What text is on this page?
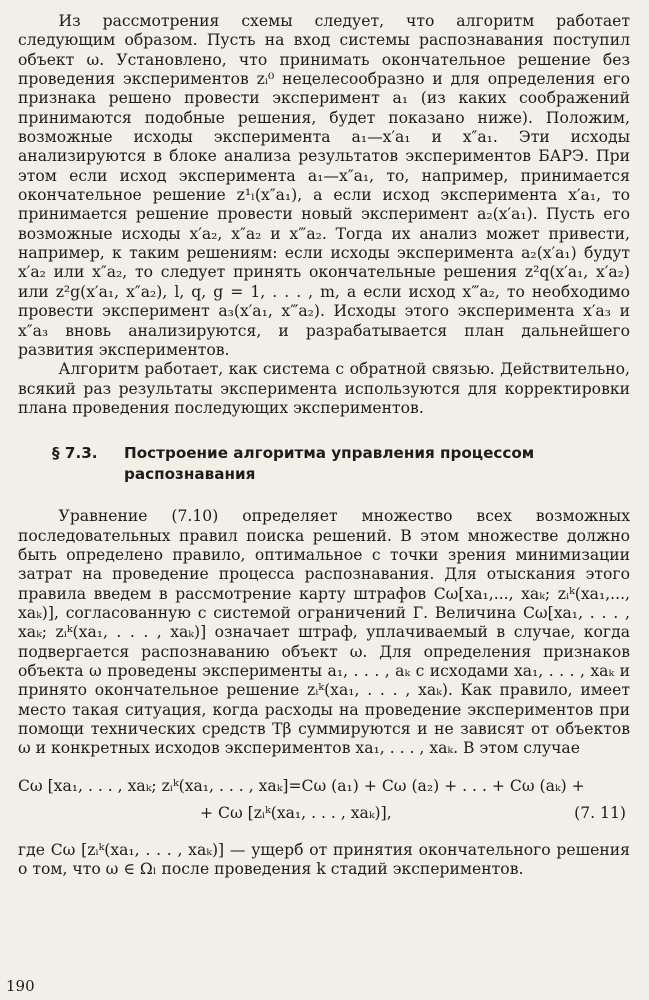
Из рассмотрения схемы следует, что алгоритм работает следующим образом. Пусть на вход системы распознавания поступил объект ω. Установлено, что принимать окончательное решение без проведения экспериментов zᵢ⁰ нецелесообразно и для определения его признака решено провести эксперимент a₁ (из каких соображений принимаются подобные решения, будет показано ниже). Положим, возможные исходы эксперимента a₁—x′a₁ и x″a₁. Эти исходы анализируются в блоке анализа результатов экспериментов БАРЭ. При этом если исход эксперимента a₁—x″a₁, то, например, принимается окончательное решение z¹ₗ(x″a₁), а если исход эксперимента x′a₁, то принимается решение провести новый эксперимент a₂(x′a₁). Пусть его возможные исходы x′a₂, x″a₂ и x‴a₂. Тогда их анализ может привести, например, к таким решениям: если исходы эксперимента a₂(x′a₁) будут x′a₂ или x″a₂, то следует принять окончательные решения z²q(x′a₁, x′a₂) или z²g(x′a₁, x″a₂), l, q, g = 1, . . . , m, а если исход x‴a₂, то необходимо провести эксперимент a₃(x′a₁, x‴a₂). Исходы этого эксперимента x′a₃ и x″a₃ вновь анализируются, и разрабатывается план дальнейшего развития экспериментов.

Алгоритм работает, как система с обратной связью. Действительно, всякий раз результаты эксперимента используются для корректировки плана проведения последующих экспериментов.

§ 7.3. Построение алгоритма управления процессом
распознавания

Уравнение (7.10) определяет множество всех возможных последовательных правил поиска решений. В этом множестве должно быть определено правило, оптимальное с точки зрения минимизации затрат на проведение процесса распознавания. Для отыскания этого правила введем в рассмотрение карту штрафов Cω[xa₁,..., xaₖ; zᵢᵏ(xa₁,..., xaₖ)], согласованную с системой ограничений Г. Величина Cω[xa₁, . . . , xaₖ; zᵢᵏ(xa₁, . . . , xaₖ)] означает штраф, уплачиваемый в случае, когда подвергается распознаванию объект ω. Для определения признаков объекта ω проведены эксперименты a₁, . . . , aₖ с исходами xa₁, . . . , xaₖ и принято окончательное решение zᵢᵏ(xa₁, . . . , xaₖ). Как правило, имеет место такая ситуация, когда расходы на проведение экспериментов при помощи технических средств Tβ суммируются и не зависят от объектов ω и конкретных исходов экспериментов xa₁, . . . , xaₖ. В этом случае

Cω [xa₁, . . . , xaₖ; zᵢᵏ(xa₁, . . . , xaₖ]=Cω (a₁) + Cω (a₂) + . . . + Cω (aₖ) +
+ Cω [zᵢᵏ(xa₁, . . . , xaₖ)],	(7. 11)

где Cω [zᵢᵏ(xa₁, . . . , xaₖ)] — ущерб от принятия окончательного решения о том, что ω ∈ Ωₗ после проведения k стадий экспериментов.

190
